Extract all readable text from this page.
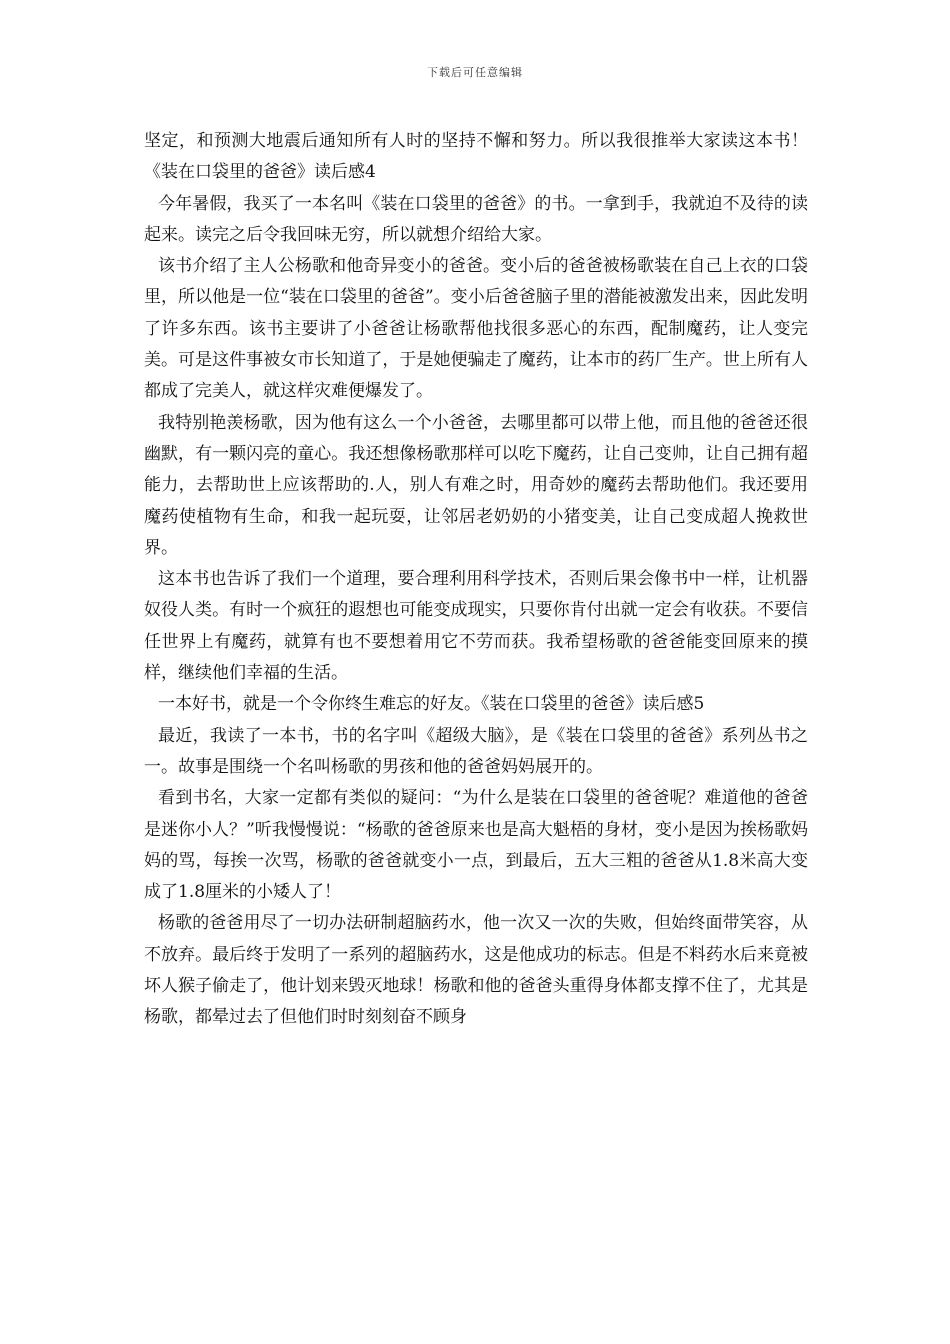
下载后可任意编辑

坚定，和预测大地震后通知所有人时的坚持不懈和努力。所以我很推举大家读这本书！《装在口袋里的爸爸》读后感4

今年暑假，我买了一本名叫《装在口袋里的爸爸》的书。一拿到手，我就迫不及待的读起来。读完之后令我回味无穷，所以就想介绍给大家。

该书介绍了主人公杨歌和他奇异变小的爸爸。变小后的爸爸被杨歌装在自己上衣的口袋里，所以他是一位“装在口袋里的爸爸”。变小后爸爸脑子里的潜能被激发出来，因此发明了许多东西。该书主要讲了小爸爸让杨歌帮他找很多恶心的东西，配制魔药，让人变完美。可是这件事被女市长知道了，于是她便骗走了魔药，让本市的药厂生产。世上所有人都成了完美人，就这样灾难便爆发了。

我特别艳羡杨歌，因为他有这么一个小爸爸，去哪里都可以带上他，而且他的爸爸还很幽默，有一颗闪亮的童心。我还想像杨歌那样可以吃下魔药，让自己变帅，让自己拥有超能力，去帮助世上应该帮助的.人，别人有难之时，用奇妙的魔药去帮助他们。我还要用魔药使植物有生命，和我一起玩耍，让邻居老奶奶的小猪变美，让自己变成超人挽救世界。

这本书也告诉了我们一个道理，要合理利用科学技术，否则后果会像书中一样，让机器奴役人类。有时一个疯狂的遐想也可能变成现实，只要你肯付出就一定会有收获。不要信任世界上有魔药，就算有也不要想着用它不劳而获。我希望杨歌的爸爸能变回原来的摸样，继续他们幸福的生活。

一本好书，就是一个令你终生难忘的好友。《装在口袋里的爸爸》读后感5

最近，我读了一本书，书的名字叫《超级大脑》，是《装在口袋里的爸爸》系列丛书之一。故事是围绕一个名叫杨歌的男孩和他的爸爸妈妈展开的。

看到书名，大家一定都有类似的疑问：“为什么是装在口袋里的爸爸呢？难道他的爸爸是迷你小人？”听我慢慢说：“杨歌的爸爸原来也是高大魁梧的身材，变小是因为挨杨歌妈妈的骂，每挨一次骂，杨歌的爸爸就变小一点，到最后，五大三粗的爸爸从1.8米高大变成了1.8厘米的小矮人了！

杨歌的爸爸用尽了一切办法研制超脑药水，他一次又一次的失败，但始终面带笑容，从不放弃。最后终于发明了一系列的超脑药水，这是他成功的标志。但是不料药水后来竟被坏人猴子偷走了，他计划来毁灭地球！杨歌和他的爸爸头重得身体都支撑不住了，尤其是杨歌，都晕过去了但他们时时刻刻奋不顾身
